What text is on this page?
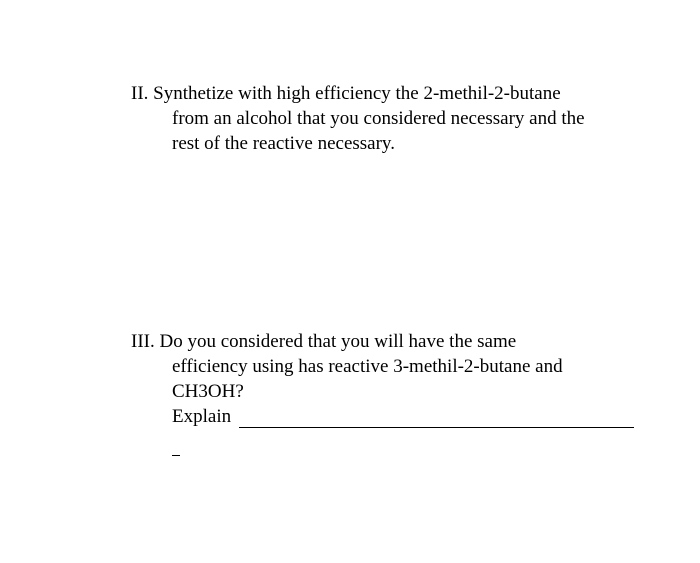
II. Synthetize with high efficiency the 2-methil-2-butane
from an alcohol that you considered necessary and the
rest of the reactive necessary.
III. Do you considered that you will have the same
efficiency using has reactive 3-methil-2-butane and
CH3OH?
Explain
